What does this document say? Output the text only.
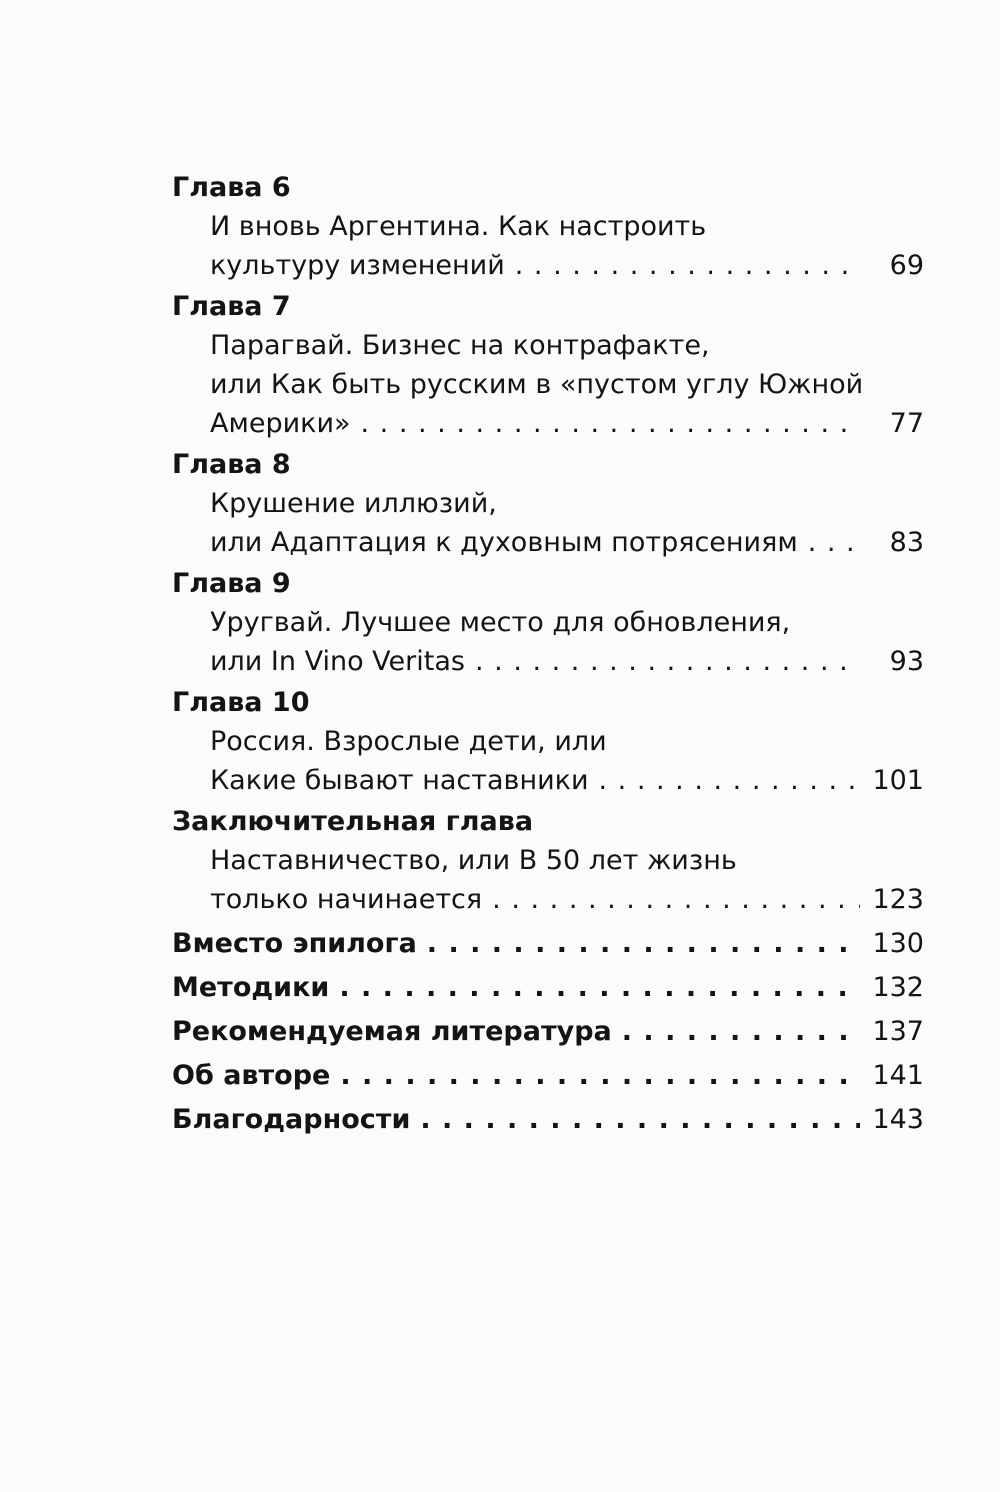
Глава 6
И вновь Аргентина. Как настроить
культуру изменений . . .	69
Глава 7
Парагвай. Бизнес на контрафакте,
или Как быть русским в «пустом углу Южной
Америки» . . .	77
Глава 8
Крушение иллюзий,
или Адаптация к духовным потрясениям . . .	83
Глава 9
Уругвай. Лучшее место для обновления,
или In Vino Veritas . . .	93
Глава 10
Россия. Взрослые дети, или
Какие бывают наставники . . .	101
Заключительная глава
Наставничество, или В 50 лет жизнь
только начинается . . .	123
Вместо эпилога . . .	130
Методики . . .	132
Рекомендуемая литература . . .	137
Об авторе . . .	141
Благодарности . . .	143
